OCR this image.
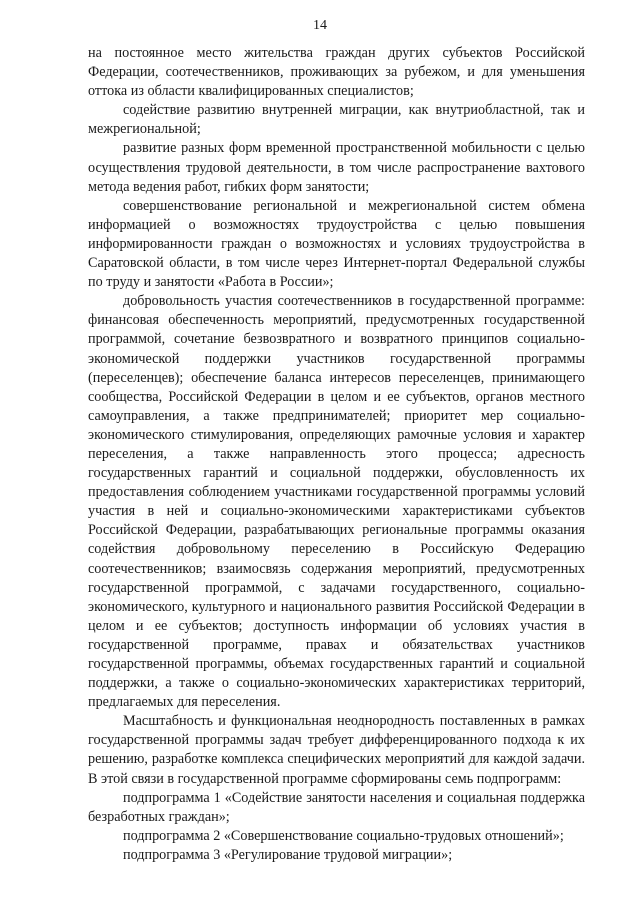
14

на постоянное место жительства граждан других субъектов Российской Федерации, соотечественников, проживающих за рубежом, и для уменьшения оттока из области квалифицированных специалистов;

содействие развитию внутренней миграции, как внутриобластной, так и межрегиональной;

развитие разных форм временной пространственной мобильности с целью осуществления трудовой деятельности, в том числе распространение вахтового метода ведения работ, гибких форм занятости;

совершенствование региональной и межрегиональной систем обмена информацией о возможностях трудоустройства с целью повышения информированности граждан о возможностях и условиях трудоустройства в Саратовской области, в том числе через Интернет-портал Федеральной службы по труду и занятости «Работа в России»;

добровольность участия соотечественников в государственной программе: финансовая обеспеченность мероприятий, предусмотренных государственной программой, сочетание безвозвратного и возвратного принципов социально-экономической поддержки участников государственной программы (переселенцев); обеспечение баланса интересов переселенцев, принимающего сообщества, Российской Федерации в целом и ее субъектов, органов местного самоуправления, а также предпринимателей; приоритет мер социально-экономического стимулирования, определяющих рамочные условия и характер переселения, а также направленность этого процесса; адресность государственных гарантий и социальной поддержки, обусловленность их предоставления соблюдением участниками государственной программы условий участия в ней и социально-экономическими характеристиками субъектов Российской Федерации, разрабатывающих региональные программы оказания содействия добровольному переселению в Российскую Федерацию соотечественников; взаимосвязь содержания мероприятий, предусмотренных государственной программой, с задачами государственного, социально-экономического, культурного и национального развития Российской Федерации в целом и ее субъектов; доступность информации об условиях участия в государственной программе, правах и обязательствах участников государственной программы, объемах государственных гарантий и социальной поддержки, а также о социально-экономических характеристиках территорий, предлагаемых для переселения.

Масштабность и функциональная неоднородность поставленных в рамках государственной программы задач требует дифференцированного подхода к их решению, разработке комплекса специфических мероприятий для каждой задачи. В этой связи в государственной программе сформированы семь подпрограмм:

подпрограмма 1 «Содействие занятости населения и социальная поддержка безработных граждан»;

подпрограмма 2 «Совершенствование социально-трудовых отношений»;

подпрограмма 3 «Регулирование трудовой миграции»;
